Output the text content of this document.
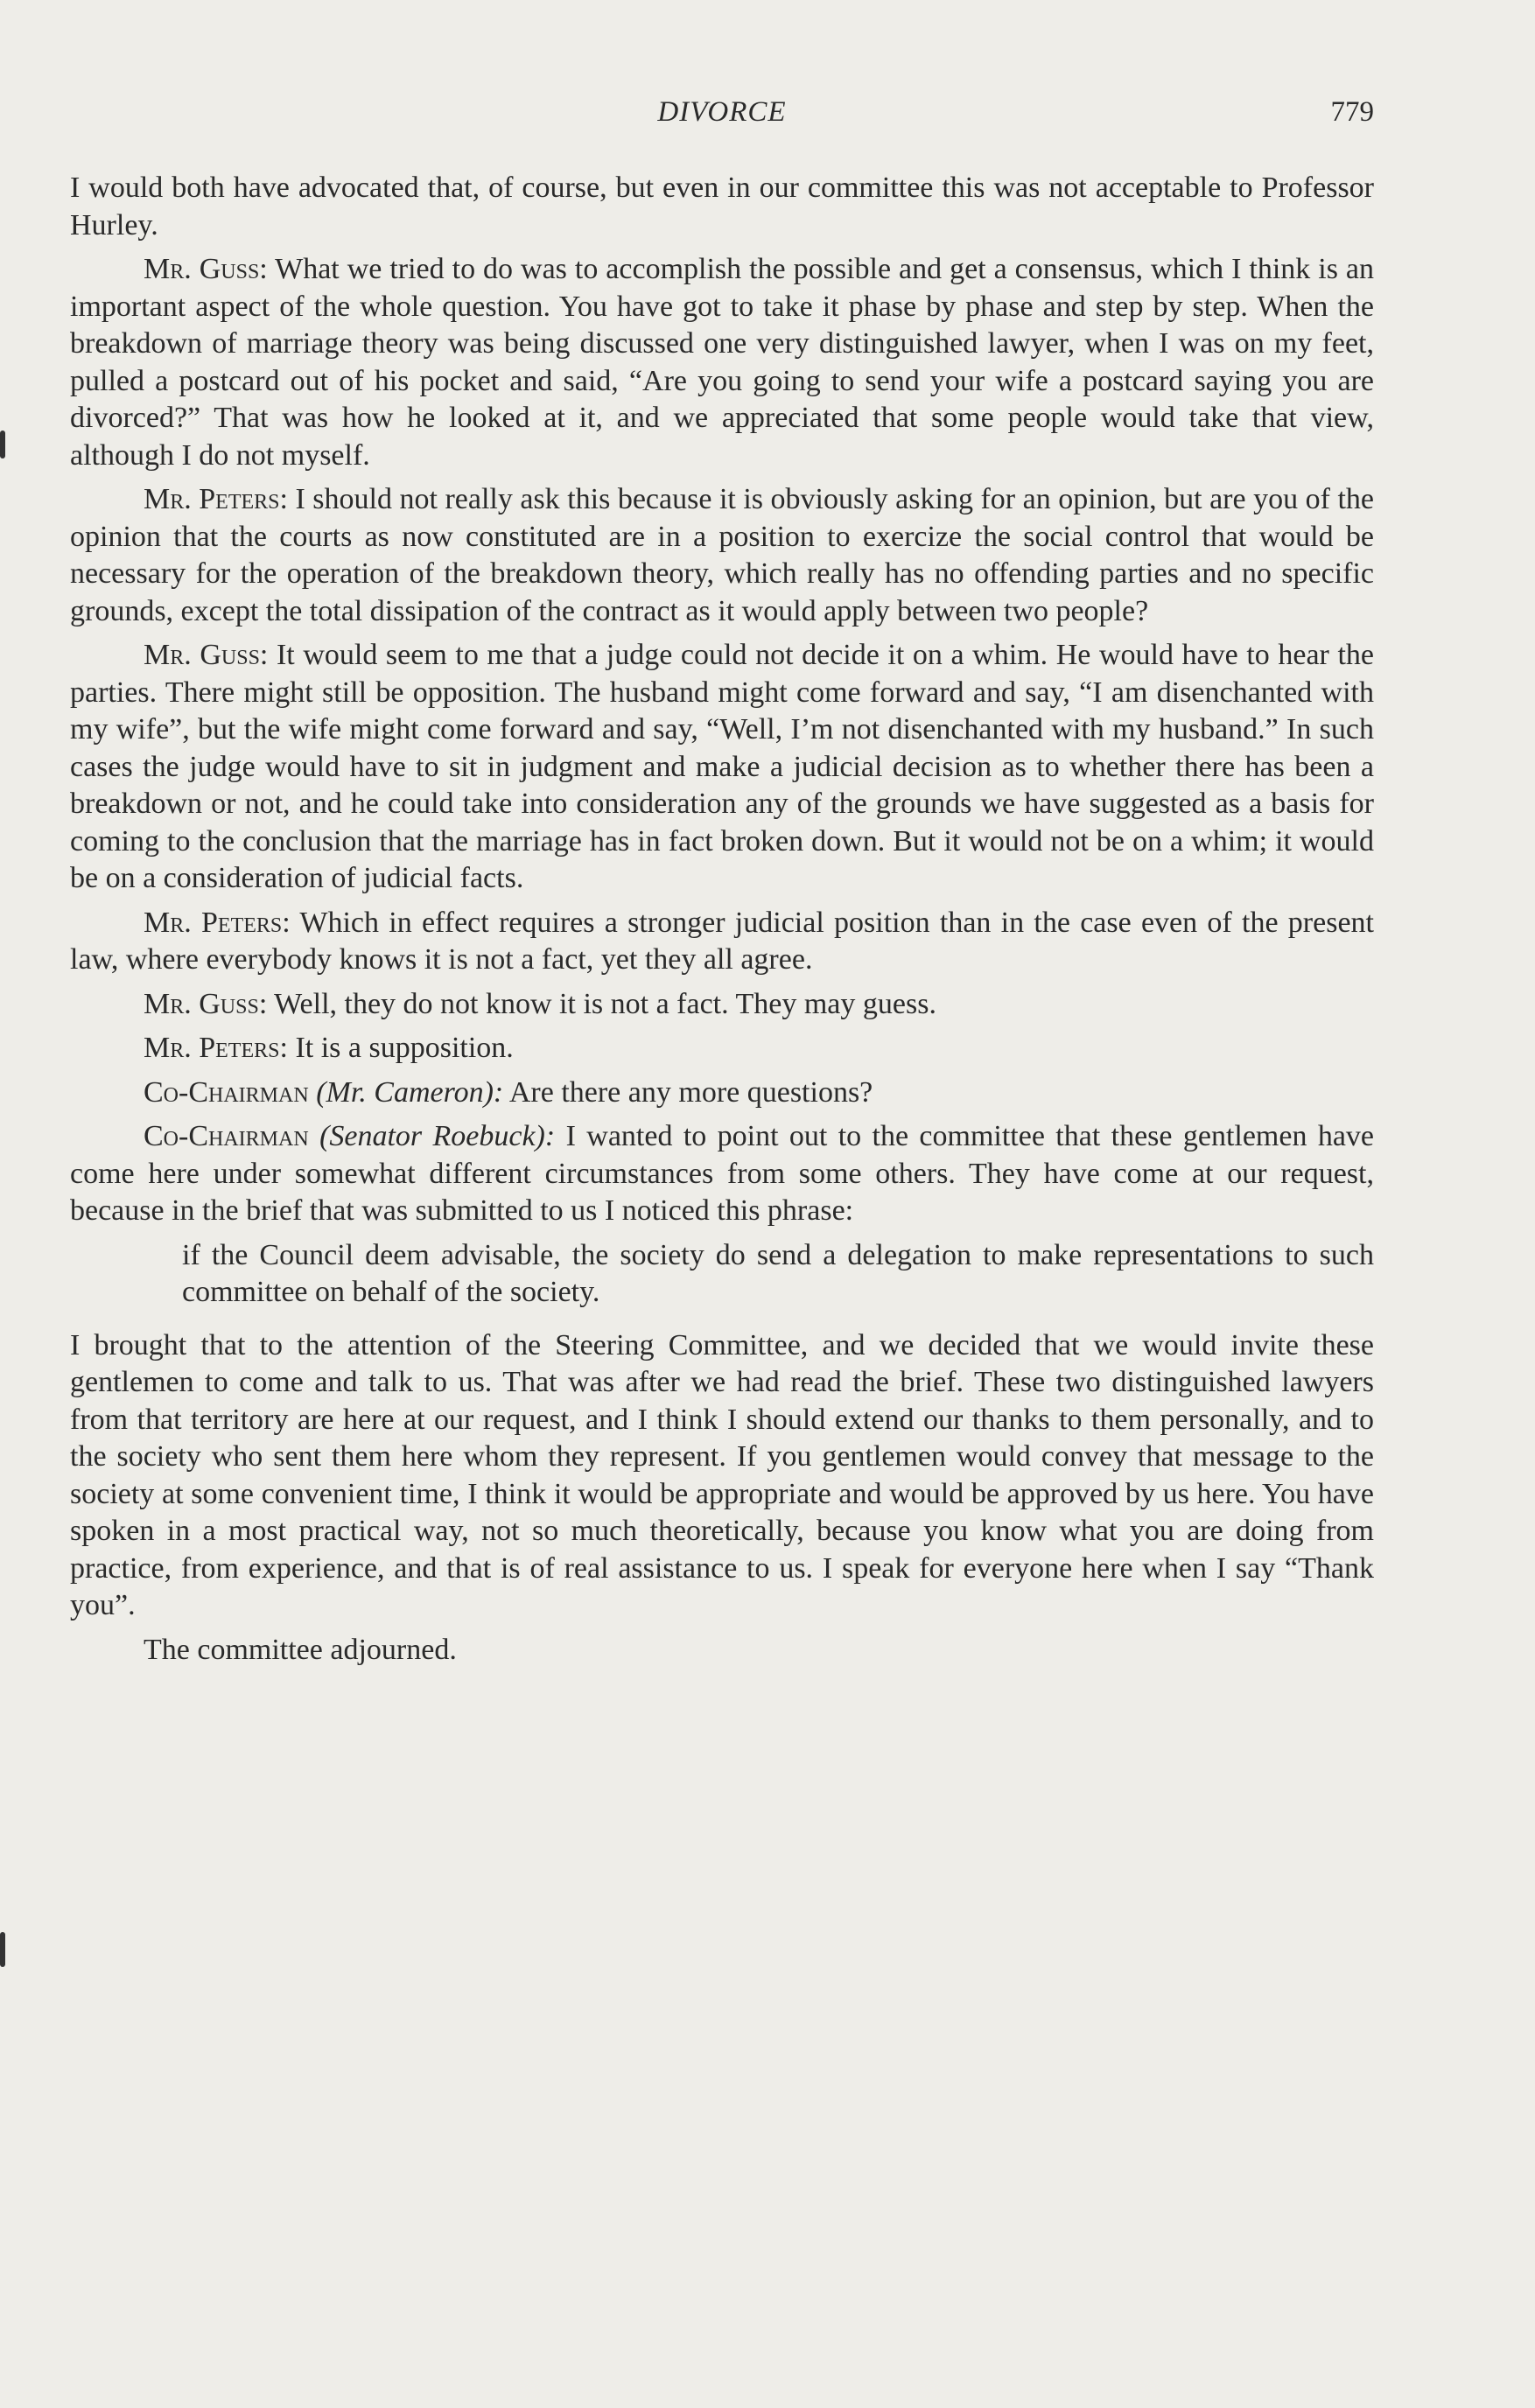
DIVORCE	779

I would both have advocated that, of course, but even in our committee this was not acceptable to Professor Hurley.

Mr. Guss: What we tried to do was to accomplish the possible and get a consensus, which I think is an important aspect of the whole question. You have got to take it phase by phase and step by step. When the breakdown of marriage theory was being discussed one very distinguished lawyer, when I was on my feet, pulled a postcard out of his pocket and said, “Are you going to send your wife a postcard saying you are divorced?” That was how he looked at it, and we appreciated that some people would take that view, although I do not myself.

Mr. Peters: I should not really ask this because it is obviously asking for an opinion, but are you of the opinion that the courts as now constituted are in a position to exercize the social control that would be necessary for the operation of the breakdown theory, which really has no offending parties and no specific grounds, except the total dissipation of the contract as it would apply between two people?

Mr. Guss: It would seem to me that a judge could not decide it on a whim. He would have to hear the parties. There might still be opposition. The husband might come forward and say, “I am disenchanted with my wife”, but the wife might come forward and say, “Well, I’m not disenchanted with my husband.” In such cases the judge would have to sit in judgment and make a judicial decision as to whether there has been a breakdown or not, and he could take into consideration any of the grounds we have suggested as a basis for coming to the conclusion that the marriage has in fact broken down. But it would not be on a whim; it would be on a consideration of judicial facts.

Mr. Peters: Which in effect requires a stronger judicial position than in the case even of the present law, where everybody knows it is not a fact, yet they all agree.

Mr. Guss: Well, they do not know it is not a fact. They may guess.

Mr. Peters: It is a supposition.

Co-Chairman (Mr. Cameron): Are there any more questions?

Co-Chairman (Senator Roebuck): I wanted to point out to the committee that these gentlemen have come here under somewhat different circumstances from some others. They have come at our request, because in the brief that was submitted to us I noticed this phrase:

if the Council deem advisable, the society do send a delegation to make representations to such committee on behalf of the society.

I brought that to the attention of the Steering Committee, and we decided that we would invite these gentlemen to come and talk to us. That was after we had read the brief. These two distinguished lawyers from that territory are here at our request, and I think I should extend our thanks to them personally, and to the society who sent them here whom they represent. If you gentlemen would convey that message to the society at some convenient time, I think it would be appropriate and would be approved by us here. You have spoken in a most practical way, not so much theoretically, because you know what you are doing from practice, from experience, and that is of real assistance to us. I speak for everyone here when I say “Thank you”.

The committee adjourned.
